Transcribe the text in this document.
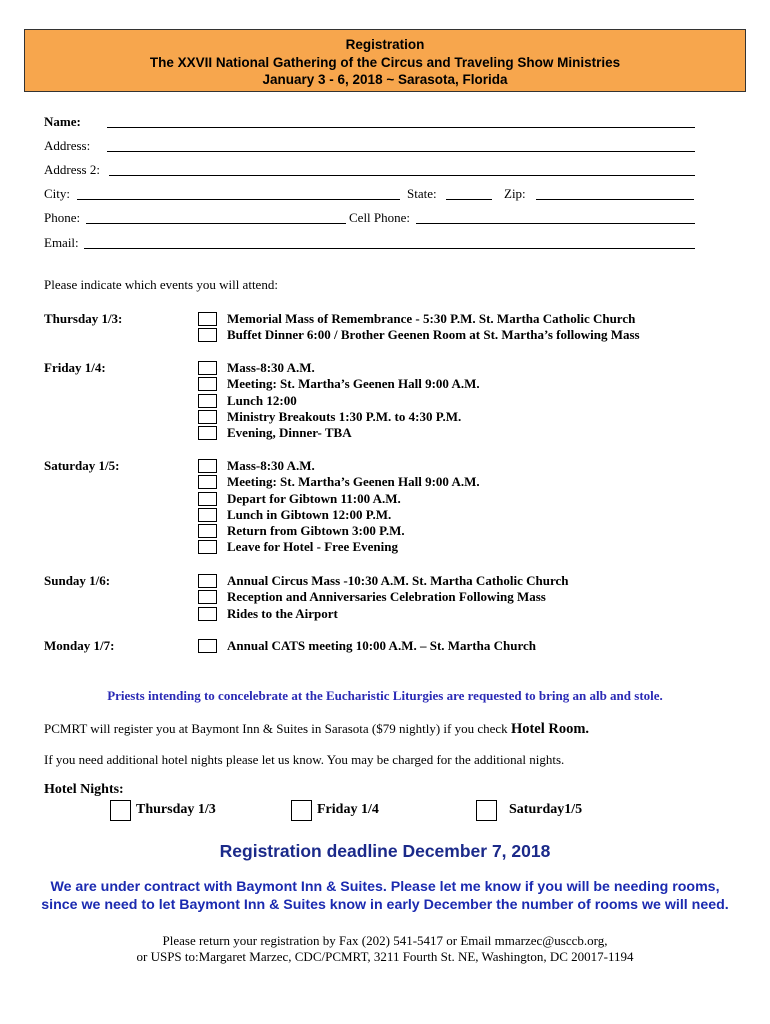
Registration
The XXVII National Gathering of the Circus and Traveling Show Ministries
January 3 - 6, 2018 ~ Sarasota, Florida
Name:
Address:
Address 2:
City:	State:	Zip:
Phone:	Cell Phone:
Email:
Please indicate which events you will attend:
Thursday 1/3:	Memorial Mass of Remembrance - 5:30 P.M. St. Martha Catholic Church
Buffet Dinner 6:00 / Brother Geenen Room at St. Martha’s following Mass
Friday 1/4:	Mass-8:30 A.M.
Meeting: St. Martha’s Geenen Hall 9:00 A.M.
Lunch 12:00
Ministry Breakouts 1:30 P.M. to 4:30 P.M.
Evening, Dinner- TBA
Saturday 1/5:	Mass-8:30 A.M.
Meeting: St. Martha’s Geenen Hall 9:00 A.M.
Depart for Gibtown 11:00 A.M.
Lunch in Gibtown 12:00 P.M.
Return from Gibtown 3:00 P.M.
Leave for Hotel - Free Evening
Sunday 1/6:	Annual Circus Mass -10:30 A.M. St. Martha Catholic Church
Reception and Anniversaries Celebration Following Mass
Rides to the Airport
Monday 1/7:	Annual CATS meeting 10:00 A.M. – St. Martha Church
Priests intending to concelebrate at the Eucharistic Liturgies are requested to bring an alb and stole.
PCMRT will register you at Baymont Inn & Suites in Sarasota ($79 nightly) if you check Hotel Room.
If you need additional hotel nights please let us know. You may be charged for the additional nights.
Hotel Nights:
Thursday 1/3	Friday 1/4	Saturday1/5
Registration deadline December 7, 2018
We are under contract with Baymont Inn & Suites. Please let me know if you will be needing rooms, since we need to let Baymont Inn & Suites know in early December the number of rooms we will need.
Please return your registration by Fax (202) 541-5417 or Email mmarzec@usccb.org,
or USPS to:Margaret Marzec, CDC/PCMRT, 3211 Fourth St. NE, Washington, DC 20017-1194
